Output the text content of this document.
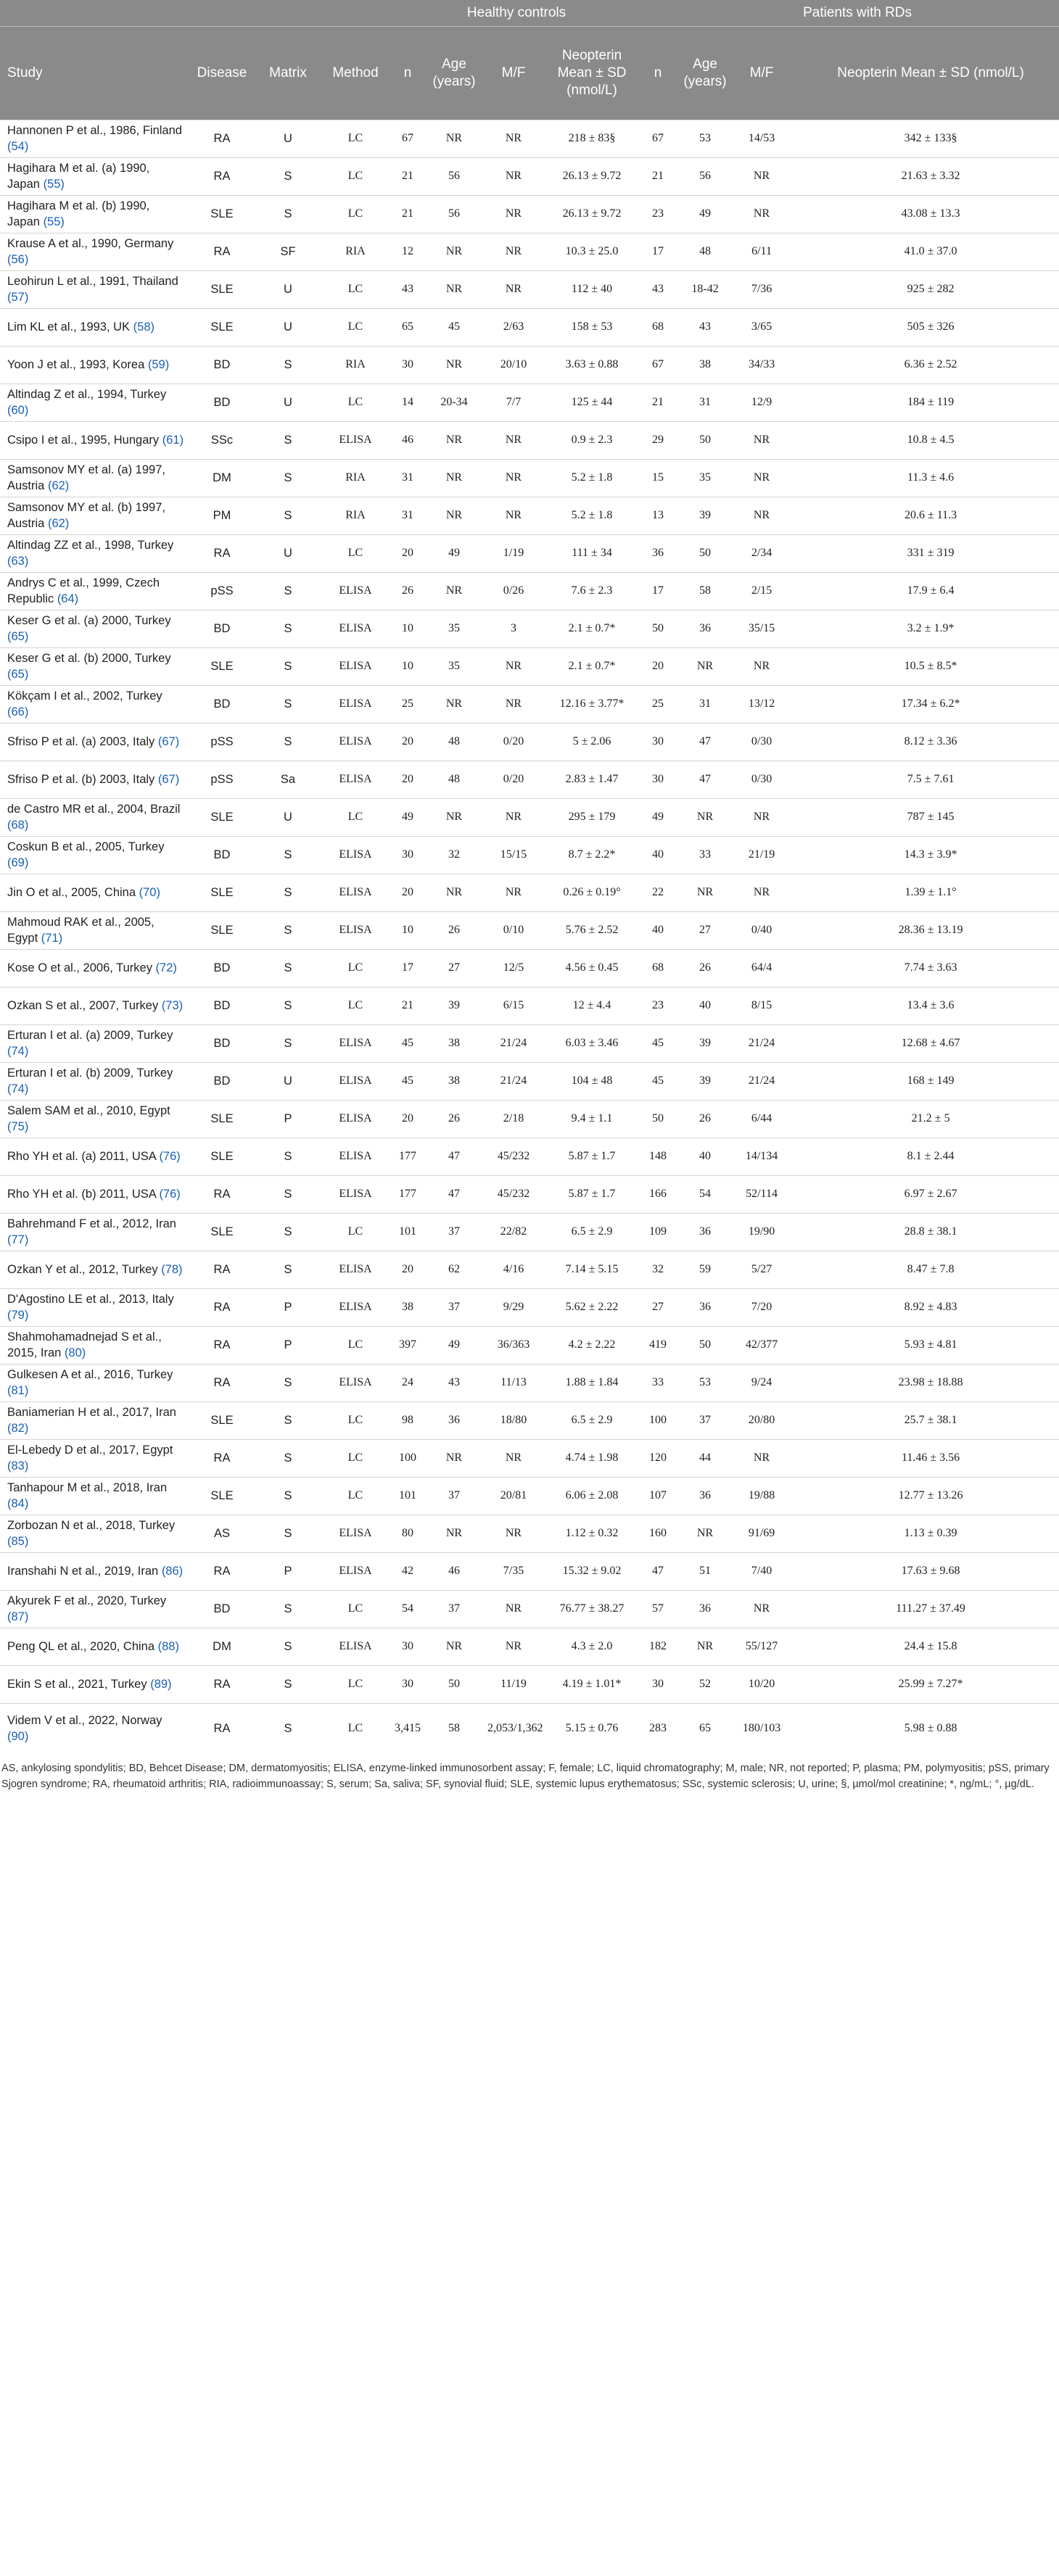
				Healthy controls				Patients with RDs			
Study	Disease	Matrix	Method	n	Age (years)	M/F	Neopterin Mean ± SD (nmol/L)	n	Age (years)	M/F	Neopterin Mean ± SD (nmol/L)
Hannonen P et al., 1986, Finland (54)	RA	U	LC	67	NR	NR	218 ± 83§	67	53	14/53	342 ± 133§
Hagihara M et al. (a) 1990, Japan (55)	RA	S	LC	21	56	NR	26.13 ± 9.72	21	56	NR	21.63 ± 3.32
Hagihara M et al. (b) 1990, Japan (55)	SLE	S	LC	21	56	NR	26.13 ± 9.72	23	49	NR	43.08 ± 13.3
Krause A et al., 1990, Germany (56)	RA	SF	RIA	12	NR	NR	10.3 ± 25.0	17	48	6/11	41.0 ± 37.0
Leohirun L et al., 1991, Thailand (57)	SLE	U	LC	43	NR	NR	112 ± 40	43	18-42	7/36	925 ± 282
Lim KL et al., 1993, UK (58)	SLE	U	LC	65	45	2/63	158 ± 53	68	43	3/65	505 ± 326
Yoon J et al., 1993, Korea (59)	BD	S	RIA	30	NR	20/10	3.63 ± 0.88	67	38	34/33	6.36 ± 2.52
Altindag Z et al., 1994, Turkey (60)	BD	U	LC	14	20-34	7/7	125 ± 44	21	31	12/9	184 ± 119
Csipo I et al., 1995, Hungary (61)	SSc	S	ELISA	46	NR	NR	0.9 ± 2.3	29	50	NR	10.8 ± 4.5
Samsonov MY et al. (a) 1997, Austria (62)	DM	S	RIA	31	NR	NR	5.2 ± 1.8	15	35	NR	11.3 ± 4.6
Samsonov MY et al. (b) 1997, Austria (62)	PM	S	RIA	31	NR	NR	5.2 ± 1.8	13	39	NR	20.6 ± 11.3
Altindag ZZ et al., 1998, Turkey (63)	RA	U	LC	20	49	1/19	111 ± 34	36	50	2/34	331 ± 319
Andrys C et al., 1999, Czech Republic (64)	pSS	S	ELISA	26	NR	0/26	7.6 ± 2.3	17	58	2/15	17.9 ± 6.4
Keser G et al. (a) 2000, Turkey (65)	BD	S	ELISA	10	35	3	2.1 ± 0.7*	50	36	35/15	3.2 ± 1.9*
Keser G et al. (b) 2000, Turkey (65)	SLE	S	ELISA	10	35	NR	2.1 ± 0.7*	20	NR	NR	10.5 ± 8.5*
Kökçam I et al., 2002, Turkey (66)	BD	S	ELISA	25	NR	NR	12.16 ± 3.77*	25	31	13/12	17.34 ± 6.2*
Sfriso P et al. (a) 2003, Italy (67)	pSS	S	ELISA	20	48	0/20	5 ± 2.06	30	47	0/30	8.12 ± 3.36
Sfriso P et al. (b) 2003, Italy (67)	pSS	Sa	ELISA	20	48	0/20	2.83 ± 1.47	30	47	0/30	7.5 ± 7.61
de Castro MR et al., 2004, Brazil (68)	SLE	U	LC	49	NR	NR	295 ± 179	49	NR	NR	787 ± 145
Coskun B et al., 2005, Turkey (69)	BD	S	ELISA	30	32	15/15	8.7 ± 2.2*	40	33	21/19	14.3 ± 3.9*
Jin O et al., 2005, China (70)	SLE	S	ELISA	20	NR	NR	0.26 ± 0.19°	22	NR	NR	1.39 ± 1.1°
Mahmoud RAK et al., 2005, Egypt (71)	SLE	S	ELISA	10	26	0/10	5.76 ± 2.52	40	27	0/40	28.36 ± 13.19
Kose O et al., 2006, Turkey (72)	BD	S	LC	17	27	12/5	4.56 ± 0.45	68	26	64/4	7.74 ± 3.63
Ozkan S et al., 2007, Turkey (73)	BD	S	LC	21	39	6/15	12 ± 4.4	23	40	8/15	13.4 ± 3.6
Erturan I et al. (a) 2009, Turkey (74)	BD	S	ELISA	45	38	21/24	6.03 ± 3.46	45	39	21/24	12.68 ± 4.67
Erturan I et al. (b) 2009, Turkey (74)	BD	U	ELISA	45	38	21/24	104 ± 48	45	39	21/24	168 ± 149
Salem SAM et al., 2010, Egypt (75)	SLE	P	ELISA	20	26	2/18	9.4 ± 1.1	50	26	6/44	21.2 ± 5
Rho YH et al. (a) 2011, USA (76)	SLE	S	ELISA	177	47	45/232	5.87 ± 1.7	148	40	14/134	8.1 ± 2.44
Rho YH et al. (b) 2011, USA (76)	RA	S	ELISA	177	47	45/232	5.87 ± 1.7	166	54	52/114	6.97 ± 2.67
Bahrehmand F et al., 2012, Iran (77)	SLE	S	LC	101	37	22/82	6.5 ± 2.9	109	36	19/90	28.8 ± 38.1
Ozkan Y et al., 2012, Turkey (78)	RA	S	ELISA	20	62	4/16	7.14 ± 5.15	32	59	5/27	8.47 ± 7.8
D'Agostino LE et al., 2013, Italy (79)	RA	P	ELISA	38	37	9/29	5.62 ± 2.22	27	36	7/20	8.92 ± 4.83
Shahmohamadnejad S et al., 2015, Iran (80)	RA	P	LC	397	49	36/363	4.2 ± 2.22	419	50	42/377	5.93 ± 4.81
Gulkesen A et al., 2016, Turkey (81)	RA	S	ELISA	24	43	11/13	1.88 ± 1.84	33	53	9/24	23.98 ± 18.88
Baniamerian H et al., 2017, Iran (82)	SLE	S	LC	98	36	18/80	6.5 ± 2.9	100	37	20/80	25.7 ± 38.1
El-Lebedy D et al., 2017, Egypt (83)	RA	S	LC	100	NR	NR	4.74 ± 1.98	120	44	NR	11.46 ± 3.56
Tanhapour M et al., 2018, Iran (84)	SLE	S	LC	101	37	20/81	6.06 ± 2.08	107	36	19/88	12.77 ± 13.26
Zorbozan N et al., 2018, Turkey (85)	AS	S	ELISA	80	NR	NR	1.12 ± 0.32	160	NR	91/69	1.13 ± 0.39
Iranshahi N et al., 2019, Iran (86)	RA	P	ELISA	42	46	7/35	15.32 ± 9.02	47	51	7/40	17.63 ± 9.68
Akyurek F et al., 2020, Turkey (87)	BD	S	LC	54	37	NR	76.77 ± 38.27	57	36	NR	111.27 ± 37.49
Peng QL et al., 2020, China (88)	DM	S	ELISA	30	NR	NR	4.3 ± 2.0	182	NR	55/127	24.4 ± 15.8
Ekin S et al., 2021, Turkey (89)	RA	S	LC	30	50	11/19	4.19 ± 1.01*	30	52	10/20	25.99 ± 7.27*
Videm V et al., 2022, Norway (90)	RA	S	LC	3,415	58	2,053/1,362	5.15 ± 0.76	283	65	180/103	5.98 ± 0.88
AS, ankylosing spondylitis; BD, Behcet Disease; DM, dermatomyositis; ELISA, enzyme-linked immunosorbent assay; F, female; LC, liquid chromatography; M, male; NR, not reported; P, plasma; PM, polymyositis; pSS, primary Sjogren syndrome; RA, rheumatoid arthritis; RIA, radioimmunoassay; S, serum; Sa, saliva; SF, synovial fluid; SLE, systemic lupus erythematosus; SSc, systemic sclerosis; U, urine; §, µmol/mol creatinine; *, ng/mL; °, µg/dL.
